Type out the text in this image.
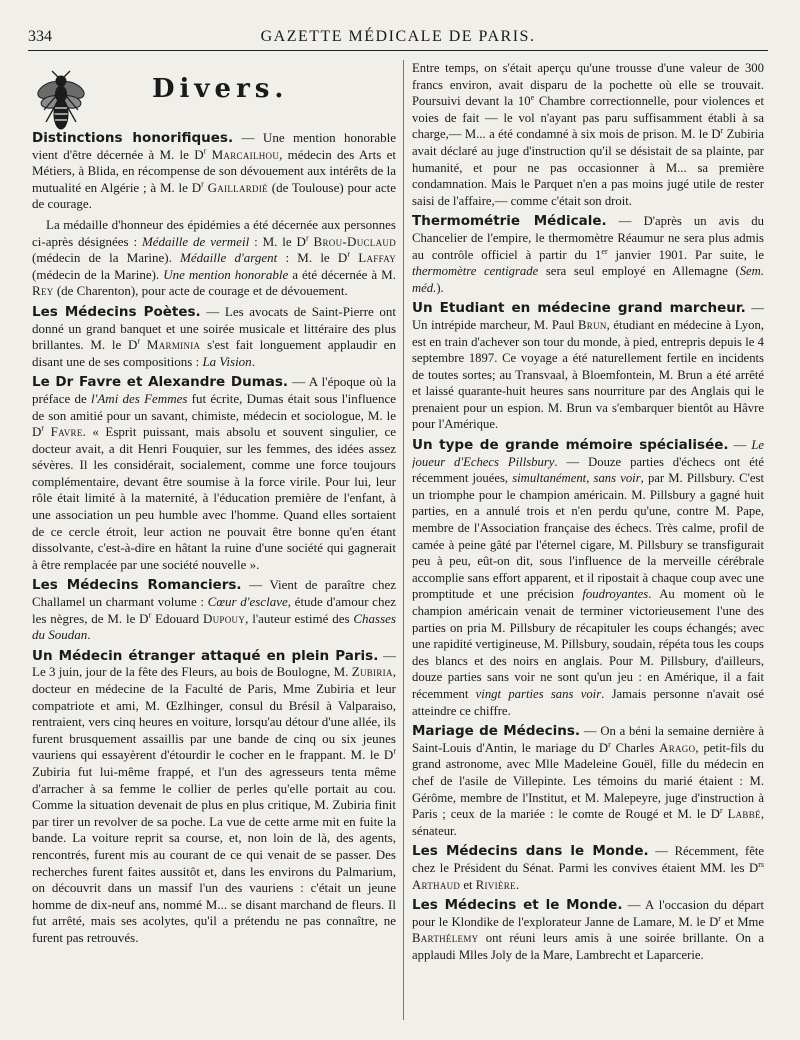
334	GAZETTE MÉDICALE DE PARIS.
Divers.

Distinctions honorifiques. — Une mention honorable vient d'être décernée à M. le $D^r$ Marcailhou, médecin des Arts et Métiers, à Blida, en récompense de son dévouement aux intérêts de la mutualité en Algérie ; à M. le $D^r$ Gaillardié (de Toulouse) pour acte de courage.

La médaille d'honneur des épidémies a été décernée aux personnes ci-après désignées : Médaille de vermeil : M. le $D^r$ Brou-Duclaud (médecin de la Marine). Médaille d'argent : M. le $D^r$ Laffay (médecin de la Marine). Une mention honorable a été décernée à M. Rey (de Charenton), pour acte de courage et de dévouement.

Les Médecins Poètes. — Les avocats de Saint-Pierre ont donné un grand banquet et une soirée musicale et littéraire des plus brillantes. M. le $D^r$ Marminia s'est fait longuement applaudir en disant une de ses compositions : La Vision.

Le Dr Favre et Alexandre Dumas. — A l'époque où la préface de l'Ami des Femmes fut écrite, Dumas était sous l'influence de son amitié pour un savant, chimiste, médecin et sociologue, M. le $D^r$ Favre. « Esprit puissant, mais absolu et souvent singulier, ce docteur avait, a dit Henri Fouquier, sur les femmes, des idées assez sévères. Il les considérait, socialement, comme une force toujours complémentaire, devant être soumise à la force virile. Pour lui, leur rôle était limité à la maternité, à l'éducation première de l'enfant, à une association un peu humble avec l'homme. Quand elles sortaient de ce cercle étroit, leur action ne pouvait être bonne qu'en étant dissolvante, c'est-à-dire en hâtant la ruine d'une société qui gagnerait à être remplacée par une société nouvelle ».

Les Médecins Romanciers. — Vient de paraître chez Challamel un charmant volume : Cœur d'esclave, étude d'amour chez les nègres, de M. le $D^r$ Edouard Dupouy, l'auteur estimé des Chasses du Soudan.

Un Médecin étranger attaqué en plein Paris. — Le 3 juin, jour de la fête des Fleurs, au bois de Boulogne, M. Zubiria, docteur en médecine de la Faculté de Paris, Mme Zubiria et leur compatriote et ami, M. Œzlhinger, consul du Brésil à Valparaiso, rentraient, vers cinq heures en voiture, lorsqu'au détour d'une allée, ils furent brusquement assaillis par une bande de cinq ou six jeunes vauriens qui essayèrent d'étourdir le cocher en le frappant. M. le $D^r$ Zubiria fut lui-même frappé, et l'un des agresseurs tenta même d'arracher à sa femme le collier de perles qu'elle portait au cou. Comme la situation devenait de plus en plus critique, M. Zubiria finit par tirer un revolver de sa poche. La vue de cette arme mit en fuite la bande. La voiture reprit sa course, et, non loin de là, des agents, rencontrés, furent mis au courant de ce qui venait de se passer. Des recherches furent faites aussitôt et, dans les environs du Palmarium, on découvrit dans un massif l'un des vauriens : c'était un jeune homme de dix-neuf ans, nommé M... se disant marchand de fleurs. Il fut arrêté, mais ses acolytes, qu'il a prétendu ne pas connaître, ne furent pas retrouvés.

Entre temps, on s'était aperçu qu'une trousse d'une valeur de 300 francs environ, avait disparu de la pochette où elle se trouvait. Poursuivi devant la 10e Chambre correctionnelle, pour violences et voies de fait — le vol n'ayant pas paru suffisamment établi à sa charge,— M... a été condamné à six mois de prison. M. le $D^r$ Zubiria avait déclaré au juge d'instruction qu'il se désistait de sa plainte, par humanité, et pour ne pas occasionner à M... sa première condamnation. Mais le Parquet n'en a pas moins jugé utile de rester saisi de l'affaire,— comme c'était son droit.

Thermométrie Médicale. — D'après un avis du Chancelier de l'empire, le thermomètre Réaumur ne sera plus admis au contrôle officiel à partir du 1er janvier 1901. Par suite, le thermomètre centigrade sera seul employé en Allemagne (Sem. méd.).

Un Etudiant en médecine grand marcheur. — Un intrépide marcheur, M. Paul Brun, étudiant en médecine à Lyon, est en train d'achever son tour du monde, à pied, entrepris depuis le 4 septembre 1897. Ce voyage a été naturellement fertile en incidents de toutes sortes; au Transvaal, à Bloemfontein, M. Brun a été arrêté et laissé quarante-huit heures sans nourriture par des Anglais qui le prenaient pour un espion. M. Brun va s'embarquer bientôt au Hâvre pour l'Amérique.

Un type de grande mémoire spécialisée. — Le joueur d'Echecs Pillsbury. — Douze parties d'échecs ont été récemment jouées, simultanément, sans voir, par M. Pillsbury. C'est un triomphe pour le champion américain. M. Pillsbury a gagné huit parties, en a annulé trois et n'en perdu qu'une, contre M. Pape, membre de l'Association française des échecs. Très calme, profil de camée à peine gâté par l'éternel cigare, M. Pillsbury se transfigurait peu à peu, eût-on dit, sous l'influence de la merveille cérébrale accomplie sans effort apparent, et il ripostait à chaque coup avec une promptitude et une précision foudroyantes. Au moment où le champion américain venait de terminer victorieusement l'une des parties on pria M. Pillsbury de récapituler les coups échangés; avec une rapidité vertigineuse, M. Pillsbury, soudain, répéta tous les coups des blancs et des noirs en anglais. Pour M. Pillsbury, d'ailleurs, douze parties sans voir ne sont qu'un jeu : en Amérique, il a fait récemment vingt parties sans voir. Jamais personne n'avait osé atteindre ce chiffre.

Mariage de Médecins. — On a béni la semaine dernière à Saint-Louis d'Antin, le mariage du $D^r$ Charles Arago, petit-fils du grand astronome, avec Mlle Madeleine Gouël, fille du médecin en chef de l'asile de Villepinte. Les témoins du marié étaient : M. Gérôme, membre de l'Institut, et M. Malepeyre, juge d'instruction à Paris ; ceux de la mariée : le comte de Rougé et M. le $D^r$ Labbé, sénateur.

Les Médecins dans le Monde. — Récemment, fête chez le Président du Sénat. Parmi les convives étaient MM. les $D^{rs}$ Arthaud et Rivière.

Les Médecins et le Monde. — A l'occasion du départ pour le Klondike de l'explorateur Janne de Lamare, M. le $D^r$ et Mme Barthélemy ont réuni leurs amis à une soirée brillante. On a applaudi Mlles Joly de la Mare, Lambrecht et Laparcerie.
